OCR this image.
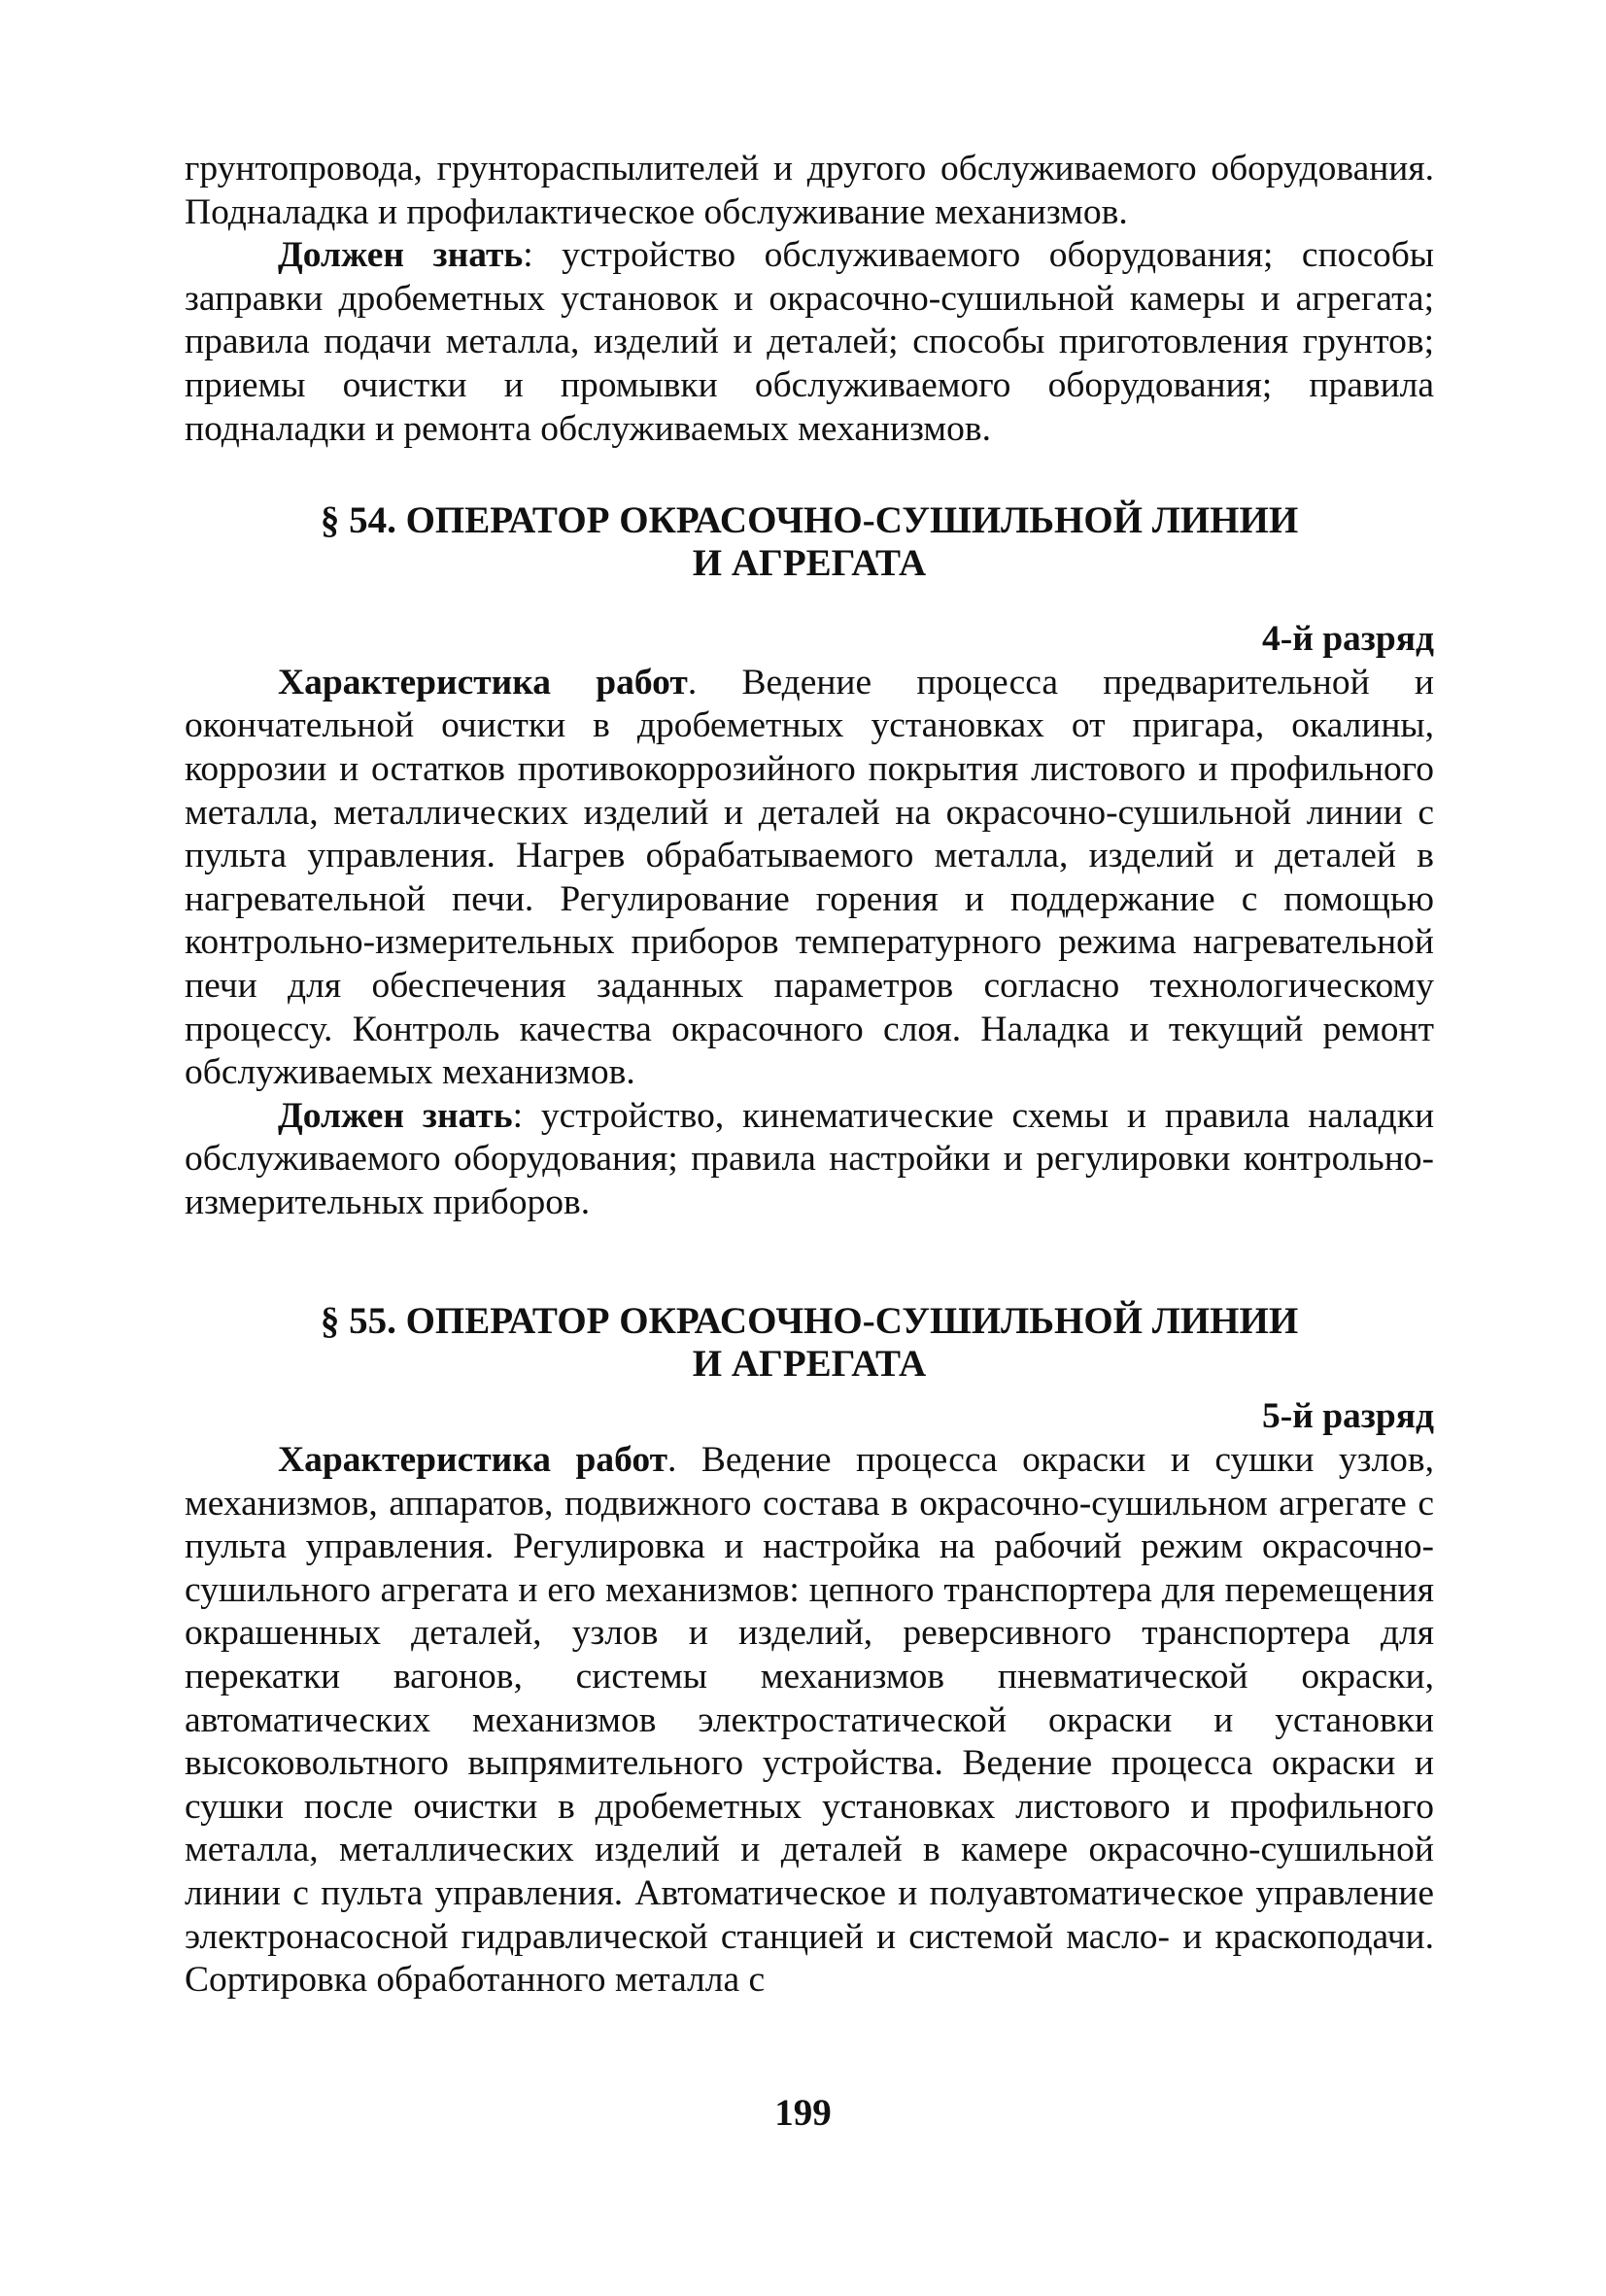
грунтопровода, грунтораспылителей и другого обслуживаемого оборудования. Подналадка и профилактическое обслуживание механизмов.

Должен знать: устройство обслуживаемого оборудования; способы заправки дробеметных установок и окрасочно-сушильной камеры и агрегата; правила подачи металла, изделий и деталей; способы приготовления грунтов; приемы очистки и промывки обслуживаемого оборудования; правила подналадки и ремонта обслуживаемых механизмов.

§ 54. ОПЕРАТОР ОКРАСОЧНО-СУШИЛЬНОЙ ЛИНИИ
И АГРЕГАТА

4-й разряд

Характеристика работ. Ведение процесса предварительной и окончательной очистки в дробеметных установках от пригара, окалины, коррозии и остатков противокоррозийного покрытия листового и профильного металла, металлических изделий и деталей на окрасочно-сушильной линии с пульта управления. Нагрев обрабатываемого металла, изделий и деталей в нагревательной печи. Регулирование горения и поддержание с помощью контрольно-измерительных приборов температурного режима нагревательной печи для обеспечения заданных параметров согласно технологическому процессу. Контроль качества окрасочного слоя. Наладка и текущий ремонт обслуживаемых механизмов.

Должен знать: устройство, кинематические схемы и правила наладки обслуживаемого оборудования; правила настройки и регулировки контрольно-измерительных приборов.

§ 55. ОПЕРАТОР ОКРАСОЧНО-СУШИЛЬНОЙ ЛИНИИ
И АГРЕГАТА

5-й разряд

Характеристика работ. Ведение процесса окраски и сушки узлов, механизмов, аппаратов, подвижного состава в окрасочно-сушильном агрегате с пульта управления. Регулировка и настройка на рабочий режим окрасочно-сушильного агрегата и его механизмов: цепного транспортера для перемещения окрашенных деталей, узлов и изделий, реверсивного транспортера для перекатки вагонов, системы механизмов пневматической окраски, автоматических механизмов электростатической окраски и установки высоковольтного выпрямительного устройства. Ведение процесса окраски и сушки после очистки в дробеметных установках листового и профильного металла, металлических изделий и деталей в камере окрасочно-сушильной линии с пульта управления. Автоматическое и полуавтоматическое управление электронасосной гидравлической станцией и системой масло- и краскоподачи. Сортировка обработанного металла с

199
